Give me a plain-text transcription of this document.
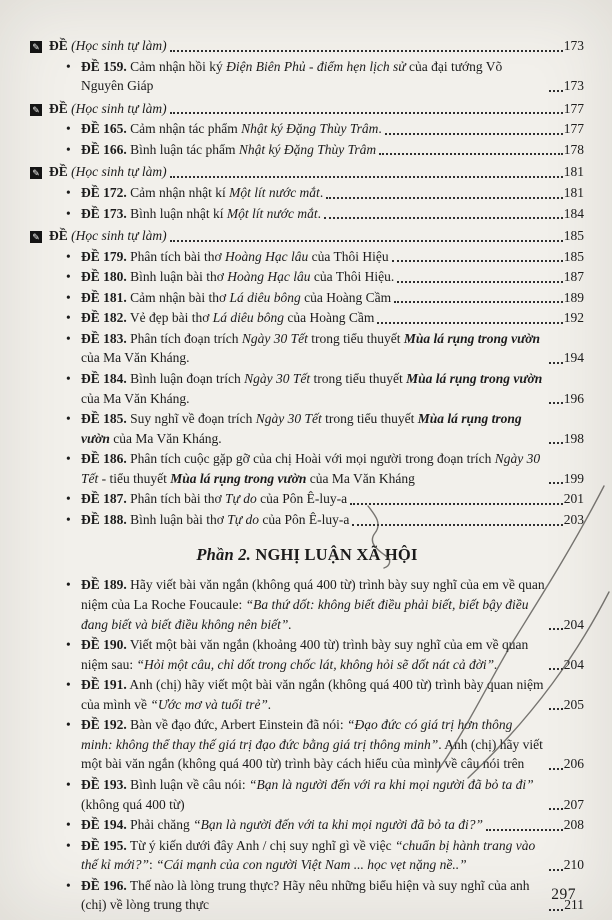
✎ ĐỀ (Học sinh tự làm)	173
• ĐỀ 159. Cảm nhận hồi ký Điện Biên Phủ - điểm hẹn lịch sử của đại tướng Võ Nguyên Giáp	173
✎ ĐỀ (Học sinh tự làm)	177
• ĐỀ 165. Cảm nhận tác phẩm Nhật ký Đặng Thùy Trâm.	177
• ĐỀ 166. Bình luận tác phẩm Nhật ký Đặng Thùy Trâm	178
✎ ĐỀ (Học sinh tự làm)	181
• ĐỀ 172. Cảm nhận nhật kí Một lít nước mắt.	181
• ĐỀ 173. Bình luận nhật kí Một lít nước mắt.	184
✎ ĐỀ (Học sinh tự làm)	185
• ĐỀ 179. Phân tích bài thơ Hoàng Hạc lâu của Thôi Hiệu	185
• ĐỀ 180. Bình luận bài thơ Hoàng Hạc lâu của Thôi Hiệu.	187
• ĐỀ 181. Cảm nhận bài thơ Lá diêu bông của Hoàng Cầm	189
• ĐỀ 182. Vẻ đẹp bài thơ Lá diêu bông của Hoàng Cầm	192
• ĐỀ 183. Phân tích đoạn trích Ngày 30 Tết trong tiểu thuyết Mùa lá rụng trong vườn của Ma Văn Kháng.	194
• ĐỀ 184. Bình luận đoạn trích Ngày 30 Tết trong tiểu thuyết Mùa lá rụng trong vườn của Ma Văn Kháng.	196
• ĐỀ 185. Suy nghĩ về đoạn trích Ngày 30 Tết trong tiểu thuyết Mùa lá rụng trong vườn của Ma Văn Kháng.	198
• ĐỀ 186. Phân tích cuộc gặp gỡ của chị Hoài với mọi người trong đoạn trích Ngày 30 Tết - tiểu thuyết Mùa lá rụng trong vườn của Ma Văn Kháng	199
• ĐỀ 187. Phân tích bài thơ Tự do của Pôn Ê-luy-a	201
• ĐỀ 188. Bình luận bài thơ Tự do của Pôn Ê-luy-a	203
Phần 2. NGHỊ LUẬN XÃ HỘI
• ĐỀ 189. Hãy viết bài văn ngắn (không quá 400 từ) trình bày suy nghĩ của em về quan niệm của La Roche Foucaule: “Ba thứ dốt: không biết điều phải biết, biết bậy điều đang biết và biết điều không nên biết”.	204
• ĐỀ 190. Viết một bài văn ngắn (khoảng 400 từ) trình bày suy nghĩ của em về quan niệm sau: “Hỏi một câu, chỉ dốt trong chốc lát, không hỏi sẽ dốt nát cả đời”.	204
• ĐỀ 191. Anh (chị) hãy viết một bài văn ngắn (không quá 400 từ) trình bày quan niệm của mình về “Ước mơ và tuổi trẻ”.	205
• ĐỀ 192. Bàn về đạo đức, Arbert Einstein đã nói: “Đạo đức có giá trị hơn thông minh: không thể thay thế giá trị đạo đức bằng giá trị thông minh”. Anh (chị) hãy viết một bài văn ngắn (không quá 400 từ) trình bày cách hiểu của mình về câu nói trên	206
• ĐỀ 193. Bình luận về câu nói: “Bạn là người đến với ra khi mọi người đã bỏ ta đi” (không quá 400 từ)	207
• ĐỀ 194. Phải chăng “Bạn là người đến với ta khi mọi người đã bỏ ta đi?”	208
• ĐỀ 195. Từ ý kiến dưới đây Anh / chị suy nghĩ gì về việc “chuẩn bị hành trang vào thế kỉ mới?”: “Cái mạnh của con người Việt Nam ... học vẹt nặng nề..”	210
• ĐỀ 196. Thế nào là lòng trung thực? Hãy nêu những biểu hiện và suy nghĩ của anh (chị) về lòng trung thực	211
297
